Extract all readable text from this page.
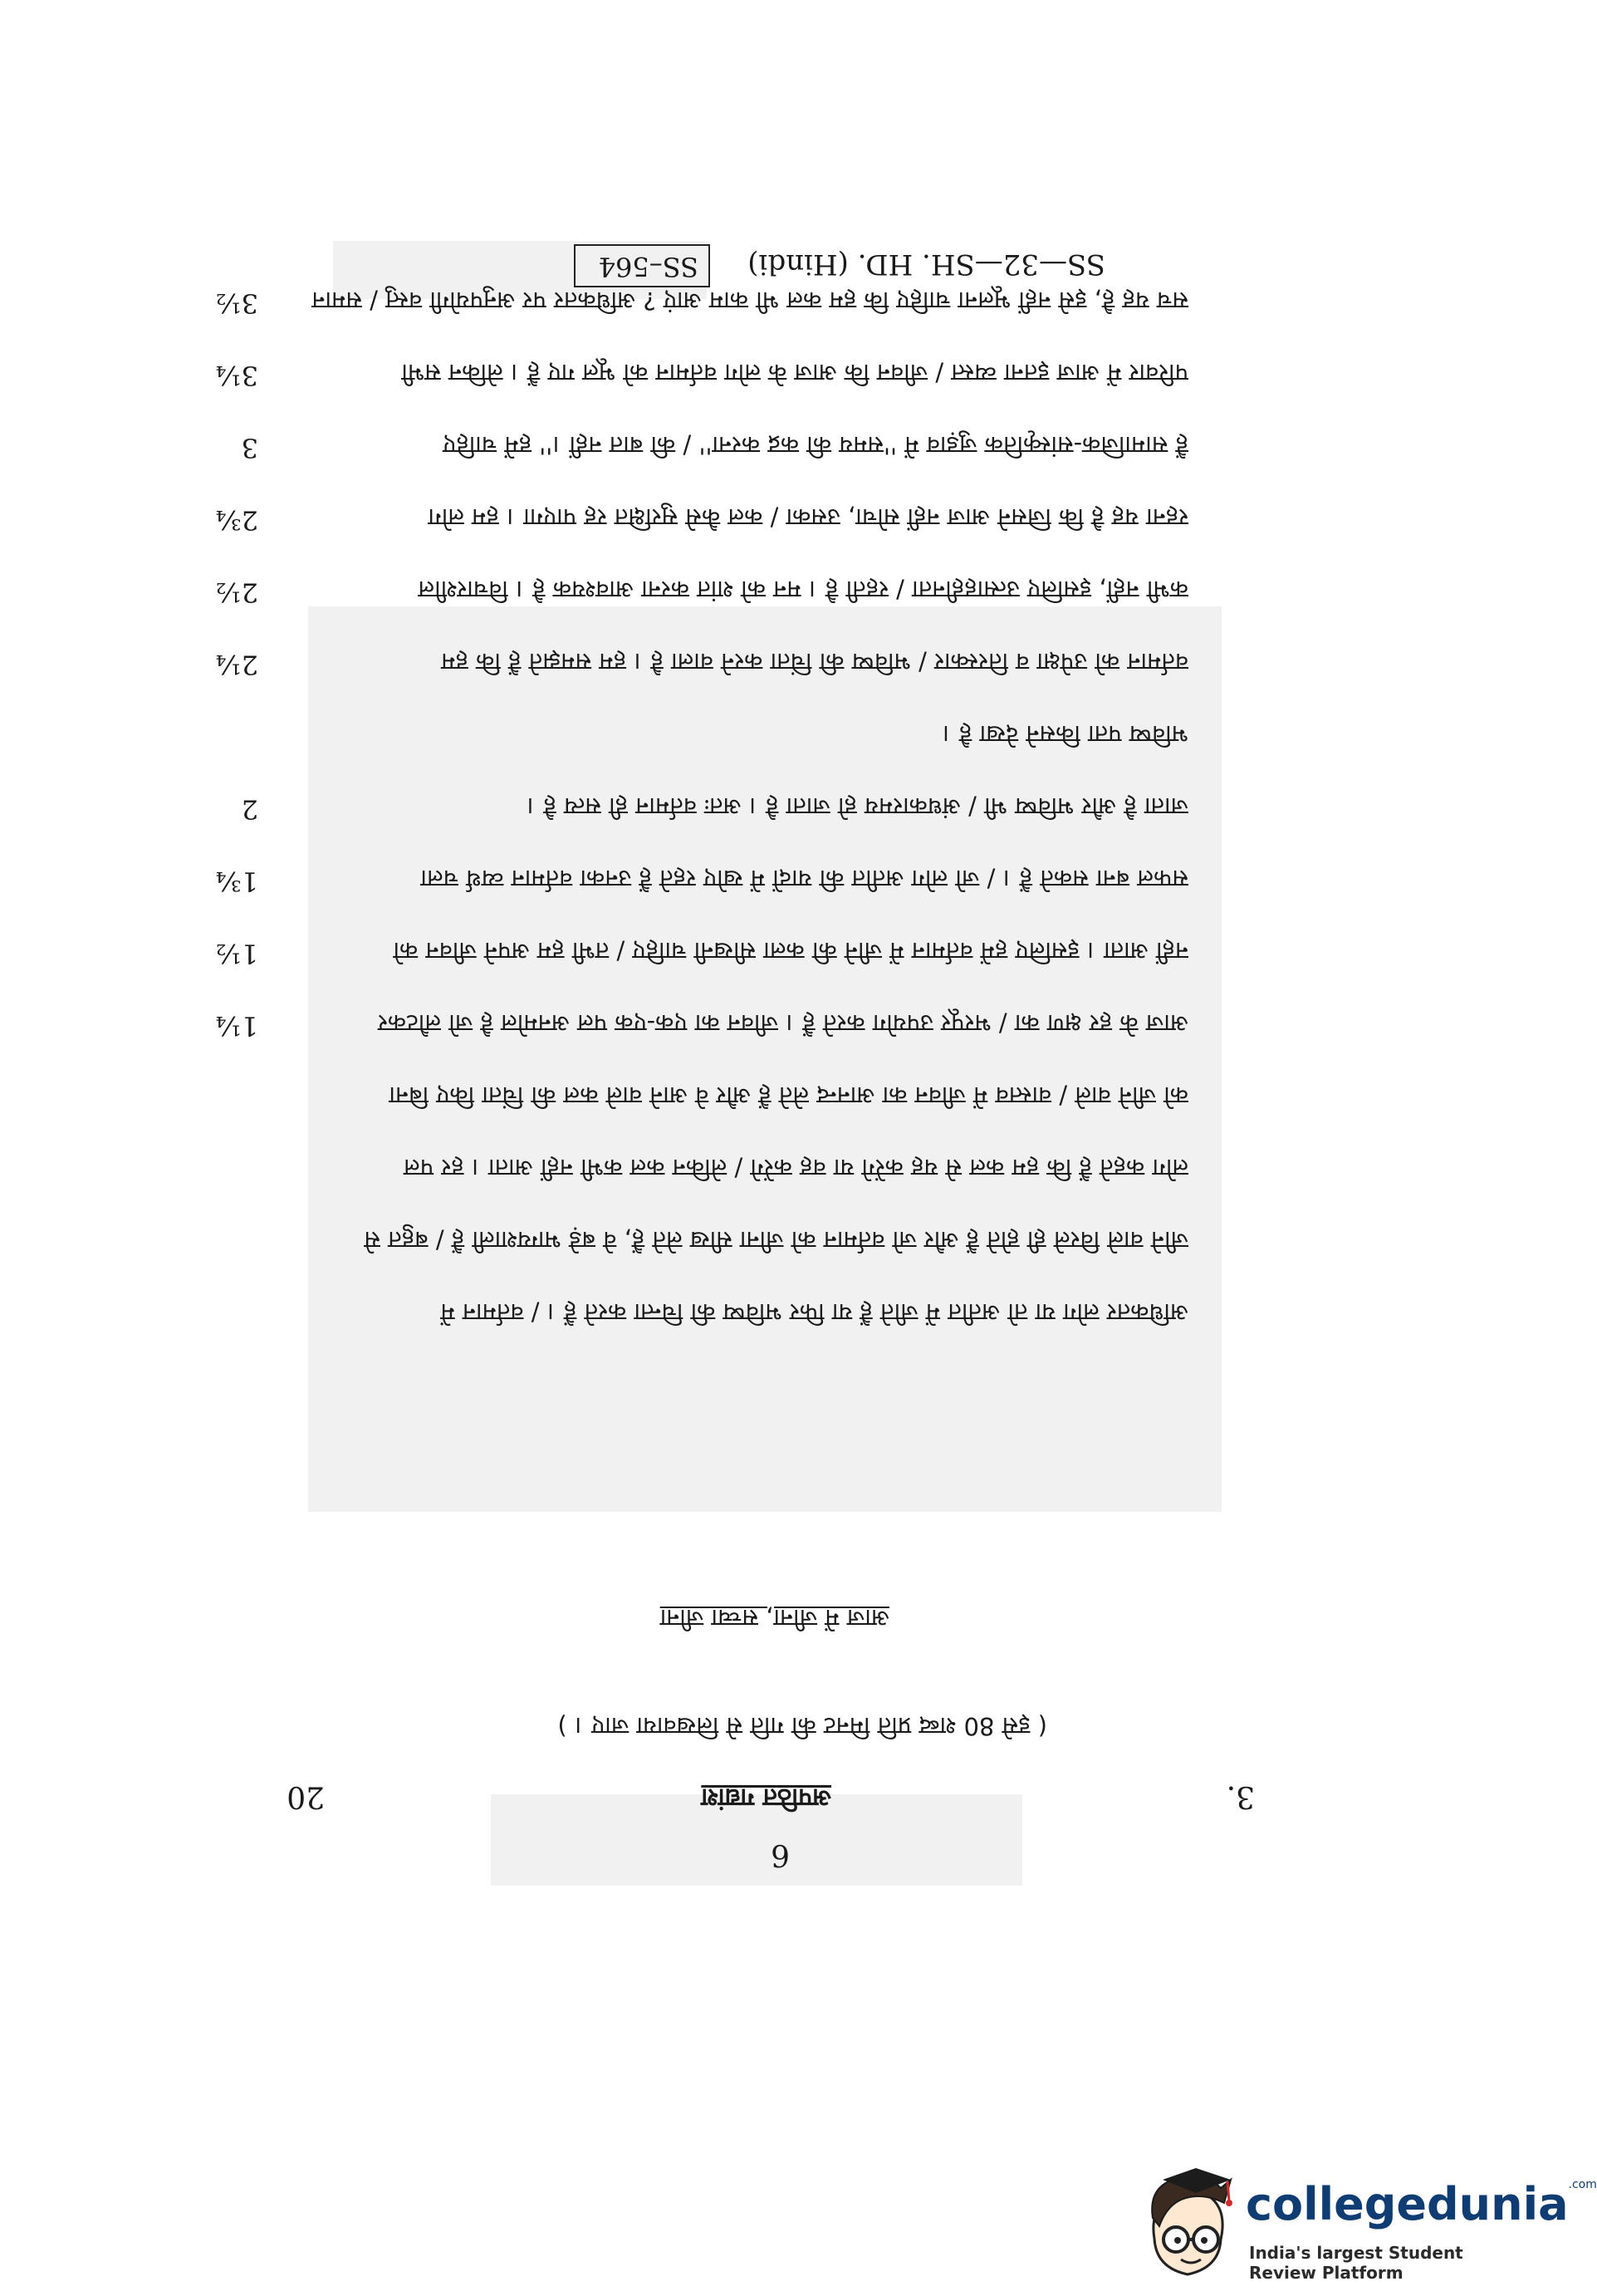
6
3.
अपठित गद्यांश
20
( इसे 80 शब्द प्रति मिनट की गति से लिखवाया जाए । )
आज में जीना, सच्चा जीना
अधिकतर लोग या तो अतीत में जीते हैं या फिर भविष्य की चिन्ता करते हैं । / वर्तमान में
जीने वाले विरले ही होते हैं और जो वर्तमान को जीना सीख लेते हैं, वे बड़े भाग्यशाली हैं / बहुत से
लोग कहते हैं कि हम कल से यह करेंगे या वह करेंगे / लेकिन कल कभी नहीं आता । हर पल
को जीने वाले / वास्तव में जीवन का आनन्द लेते हैं और वे आने वाले कल की चिंता किए बिना
आज के हर क्षण का / भरपूर उपयोग करते हैं । जीवन का एक-एक पल अनमोल है जो लौटकर
नहीं आता । इसलिए हमें वर्तमान में जीने की कला सीखनी चाहिए / तभी हम अपने जीवन को
सफल बना सकते हैं । / जो लोग अतीत की यादों में खोए रहते हैं उनका वर्तमान व्यर्थ चला
जाता है और भविष्य भी / अंधकारमय हो जाता है । अतः वर्तमान ही सत्य है ।
भविष्य पता किसने देखा है ।
वर्तमान को उपेक्षा व तिरस्कार / भविष्य की चिंता करने वाला है । हम समझते हैं कि हम
कभी नहीं, इसलिए उत्साहहीनता / रहती है । मन को शांत करना आवश्यक है । विचारशील
रहना यह है कि जिसने आज नहीं सोचा, उसका / कल कैसे सुरक्षित रह पाएगा । हम लोग
हैं सामाजिक-सांस्कृतिक जुड़ाव में ''समय की कद्र करना'' / की बात नहीं ।'' हमें चाहिए
परिवार में आज इतना व्यस्त / जीवन कि आज के लोग वर्तमान को भूल गए हैं । लेकिन सभी
सच यह है, इसे नहीं भूलना चाहिए कि हम कल भी काम आएं ? अधिकतर पर अनुपयोगी वस्तु / समान
1¼
1½
1¾
2
2¼
2½
2¾
3
3¼
3½
SS–564 SS—32—SH. HD. (Hindi)
collegedunia$^{.com}$
India's largest Student Review Platform
